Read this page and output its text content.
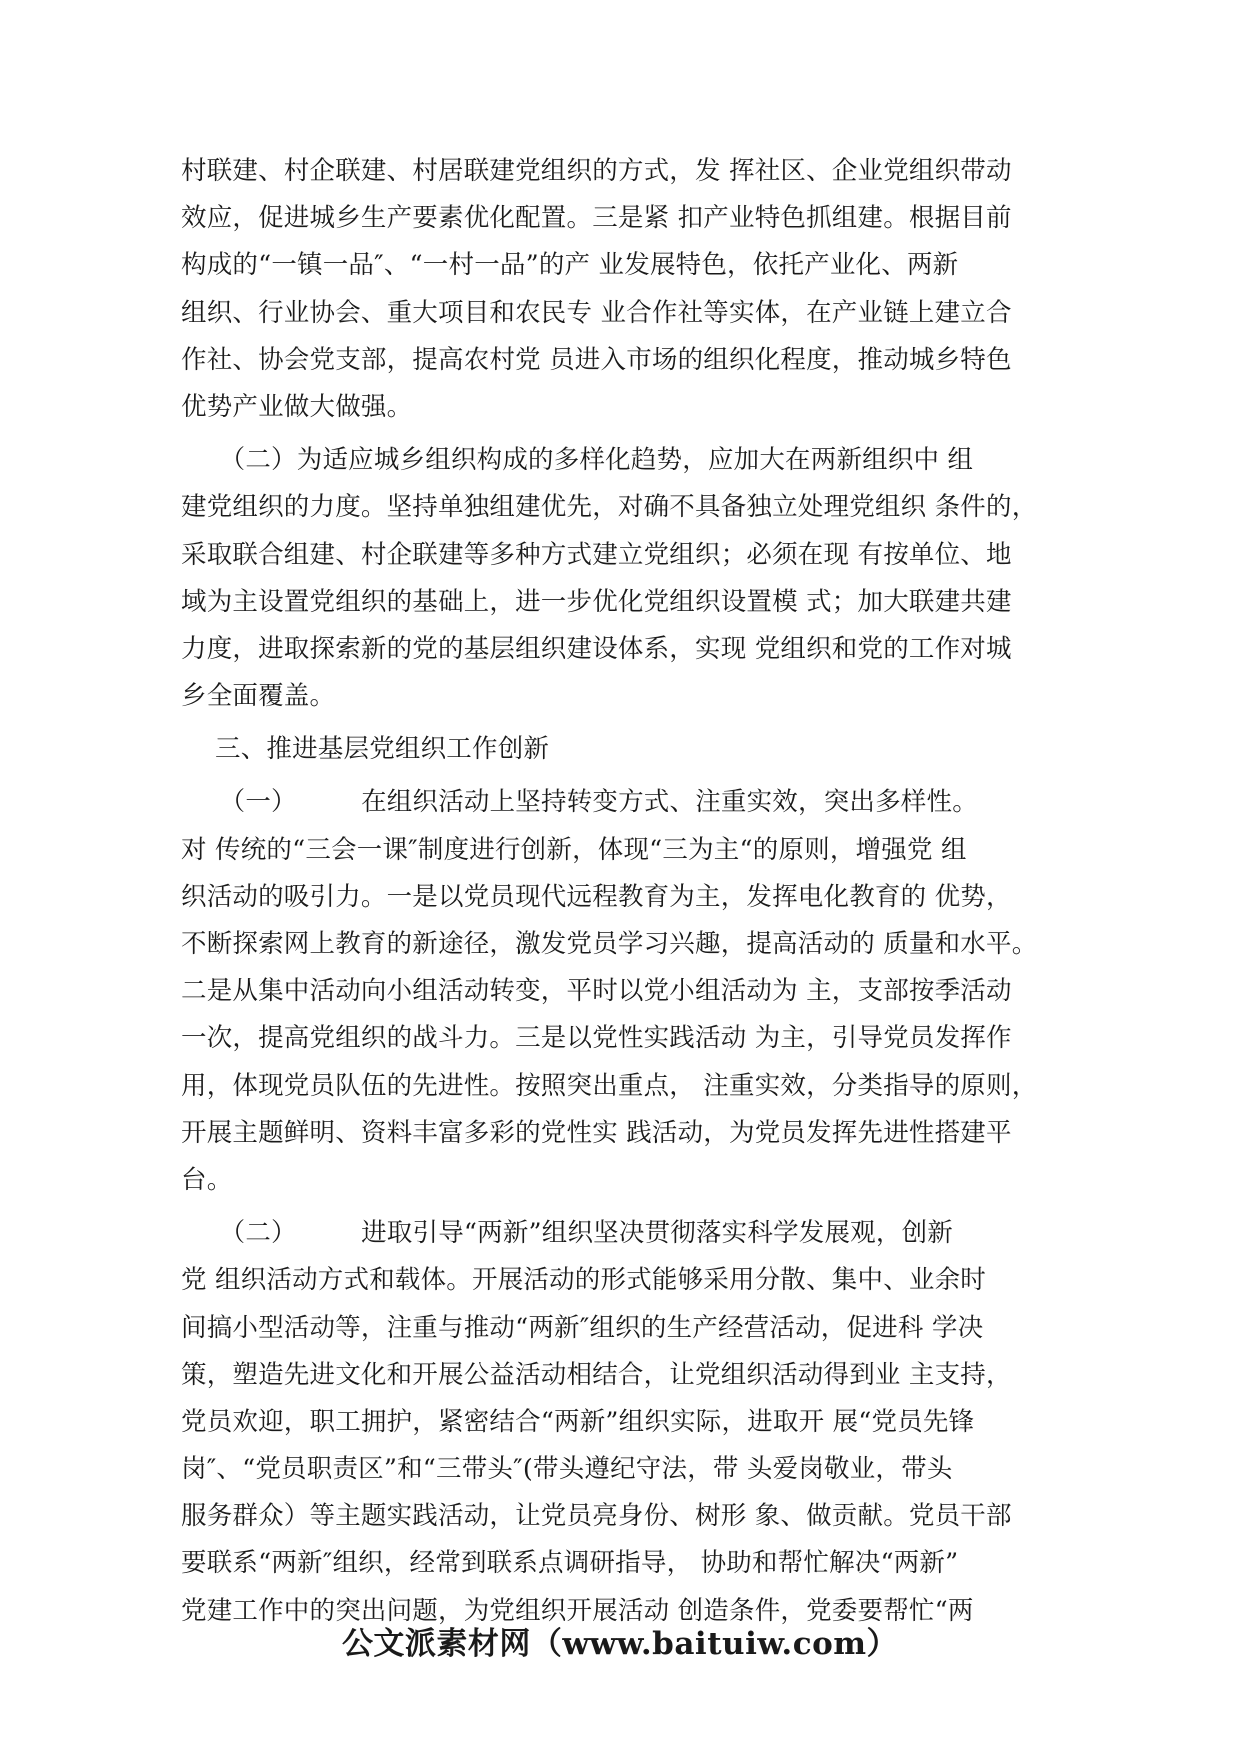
村联建、村企联建、村居联建党组织的方式，发 挥社区、企业党组织带动
效应，促进城乡生产要素优化配置。三是紧 扣产业特色抓组建。根据目前
构成的“一镇一品″、“一村一品”的产 业发展特色，依托产业化、两新
组织、行业协会、重大项目和农民专 业合作社等实体，在产业链上建立合
作社、协会党支部，提高农村党 员进入市场的组织化程度，推动城乡特色
优势产业做大做强。
　　（二）为适应城乡组织构成的多样化趋势，应加大在两新组织中 组
建党组织的力度。坚持单独组建优先，对确不具备独立处理党组织 条件的，
采取联合组建、村企联建等多种方式建立党组织；必须在现 有按单位、地
域为主设置党组织的基础上，进一步优化党组织设置模 式；加大联建共建
力度，进取探索新的党的基层组织建设体系，实现 党组织和党的工作对城
乡全面覆盖。
　 三、推进基层党组织工作创新
　　（一）　　　在组织活动上坚持转变方式、注重实效，突出多样性。
对 传统的“三会一课″制度进行创新，体现“三为主“的原则，增强党 组
织活动的吸引力。一是以党员现代远程教育为主，发挥电化教育的 优势，
不断探索网上教育的新途径，激发党员学习兴趣，提高活动的 质量和水平。
二是从集中活动向小组活动转变，平时以党小组活动为 主，支部按季活动
一次，提高党组织的战斗力。三是以党性实践活动 为主，引导党员发挥作
用，体现党员队伍的先进性。按照突出重点， 注重实效，分类指导的原则，
开展主题鲜明、资料丰富多彩的党性实 践活动，为党员发挥先进性搭建平
台。
　　（二）　　　进取引导“两新”组织坚决贯彻落实科学发展观，创新
党 组织活动方式和载体。开展活动的形式能够采用分散、集中、业余时
间搞小型活动等，注重与推动“两新″组织的生产经营活动，促进科 学决
策，塑造先进文化和开展公益活动相结合，让党组织活动得到业 主支持，
党员欢迎，职工拥护，紧密结合“两新”组织实际，进取开 展“党员先锋
岗″、“党员职责区”和“三带头″(带头遵纪守法，带 头爱岗敬业，带头
服务群众）等主题实践活动，让党员亮身份、树形 象、做贡献。党员干部
要联系“两新″组织，经常到联系点调研指导， 协助和帮忙解决“两新”
党建工作中的突出问题，为党组织开展活动 创造条件，党委要帮忙“两
公文派素材网（www.baituiw.com）
